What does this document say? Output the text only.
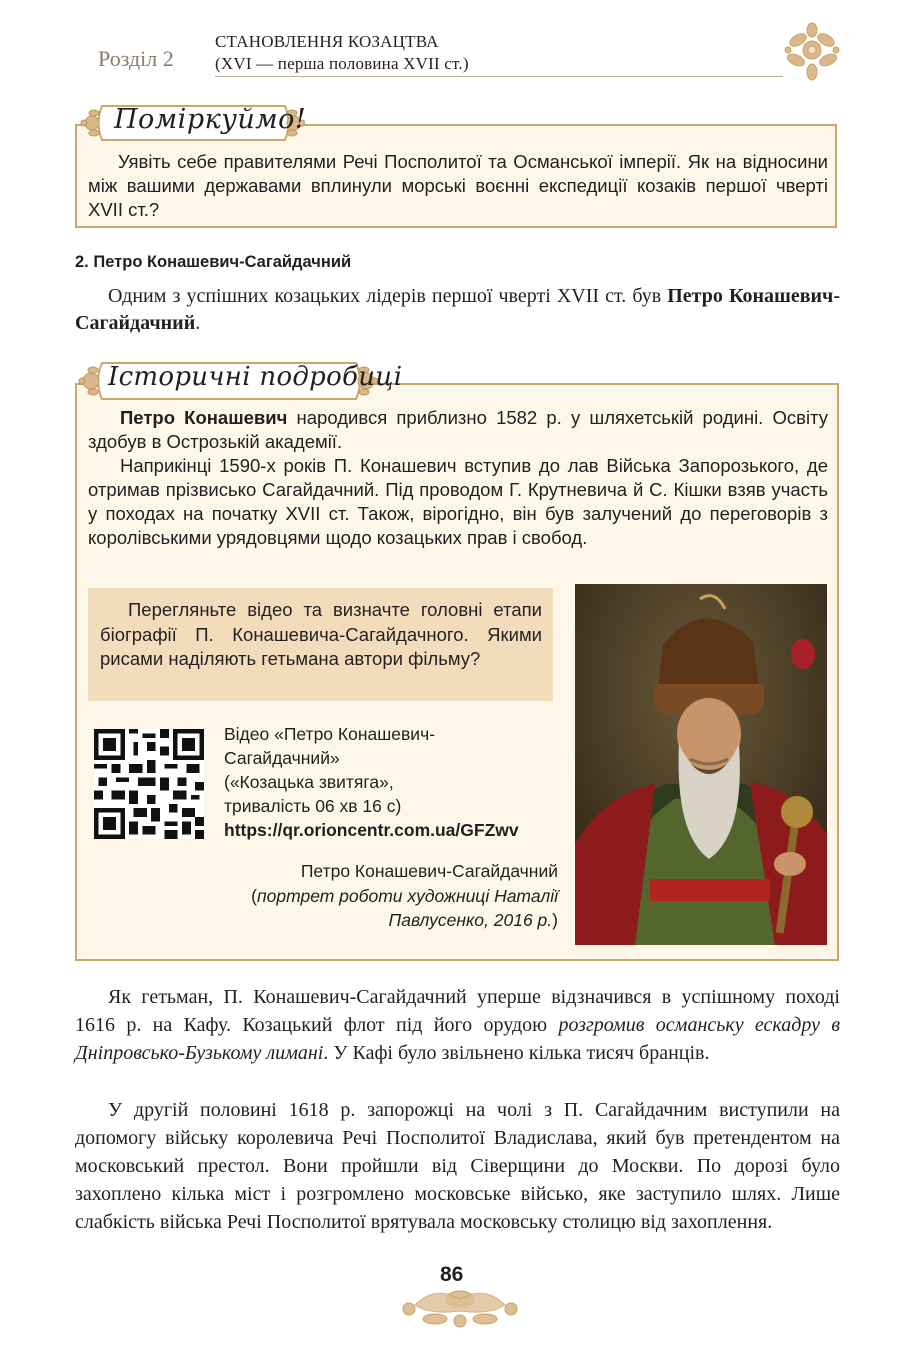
Розділ 2
СТАНОВЛЕННЯ КОЗАЦТВА
(XVI — перша половина XVII ст.)
Поміркуймо!
Уявіть себе правителями Речі Посполитої та Османської імперії. Як на відносини між вашими державами вплинули морські воєнні експедиції козаків першої чверті XVII ст.?
2. Петро Конашевич-Сагайдачний
Одним з успішних козацьких лідерів першої чверті XVII ст. був Петро Конашевич-Сагайдачний.
Історичні подробиці

Петро Конашевич народився приблизно 1582 р. у шляхетській родині. Освіту здобув в Острозькій академії.

Наприкінці 1590-х років П. Конашевич вступив до лав Війська Запорозького, де отримав прізвисько Сагайдачний. Під проводом Г. Крутневича й С. Кішки взяв участь у походах на початку XVII ст. Також, вірогідно, він був залучений до переговорів з королівськими урядовцями щодо козацьких прав і свобод.

Перегляньте відео та визначте головні етапи біографії П. Конашевича-Сагайдачного. Якими рисами наділяють гетьмана автори фільму?
Відео «Петро Конашевич-
Сагайдачний»
(«Козацька звитяга»,
тривалість 06 хв 16 с)
https://qr.orioncentr.com.ua/GFZwv
Петро Конашевич-Сагайдачний
(портрет роботи художниці Наталії Павлусенко, 2016 р.)

Як гетьман, П. Конашевич-Сагайдачний уперше відзначився в успішному поході 1616 р. на Кафу. Козацький флот під його орудою розгромив османську ескадру в Дніпровсько-Бузькому лимані. У Кафі було звільнено кілька тисяч бранців.

У другій половині 1618 р. запорожці на чолі з П. Сагайдачним виступили на допомогу війську королевича Речі Посполитої Владислава, який був претендентом на московський престол. Вони пройшли від Сіверщини до Москви. По дорозі було захоплено кілька міст і розгромлено московське військо, яке заступило шлях. Лише слабкість війська Речі Посполитої врятувала московську столицю від захоплення.

86
